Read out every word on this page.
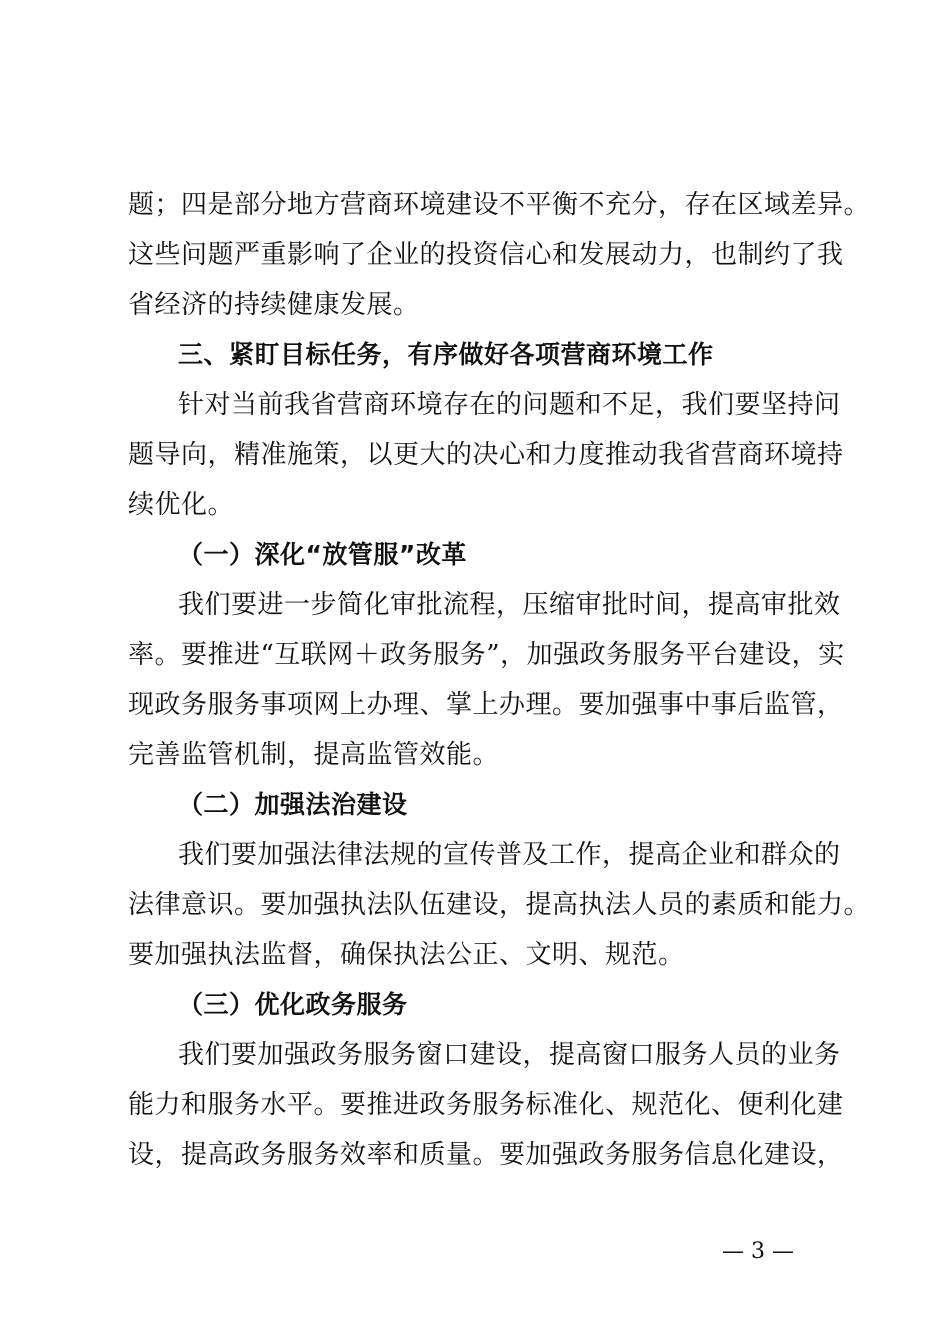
题；四是部分地方营商环境建设不平衡不充分，存在区域差异。
这些问题严重影响了企业的投资信心和发展动力，也制约了我
省经济的持续健康发展。
三、紧盯目标任务，有序做好各项营商环境工作
针对当前我省营商环境存在的问题和不足，我们要坚持问
题导向，精准施策，以更大的决心和力度推动我省营商环境持
续优化。
（一）深化“放管服”改革
我们要进一步简化审批流程，压缩审批时间，提高审批效
率。要推进“互联网＋政务服务”，加强政务服务平台建设，实
现政务服务事项网上办理、掌上办理。要加强事中事后监管，
完善监管机制，提高监管效能。
（二）加强法治建设
我们要加强法律法规的宣传普及工作，提高企业和群众的
法律意识。要加强执法队伍建设，提高执法人员的素质和能力。
要加强执法监督，确保执法公正、文明、规范。
（三）优化政务服务
我们要加强政务服务窗口建设，提高窗口服务人员的业务
能力和服务水平。要推进政务服务标准化、规范化、便利化建
设，提高政务服务效率和质量。要加强政务服务信息化建设，
— 3 —
